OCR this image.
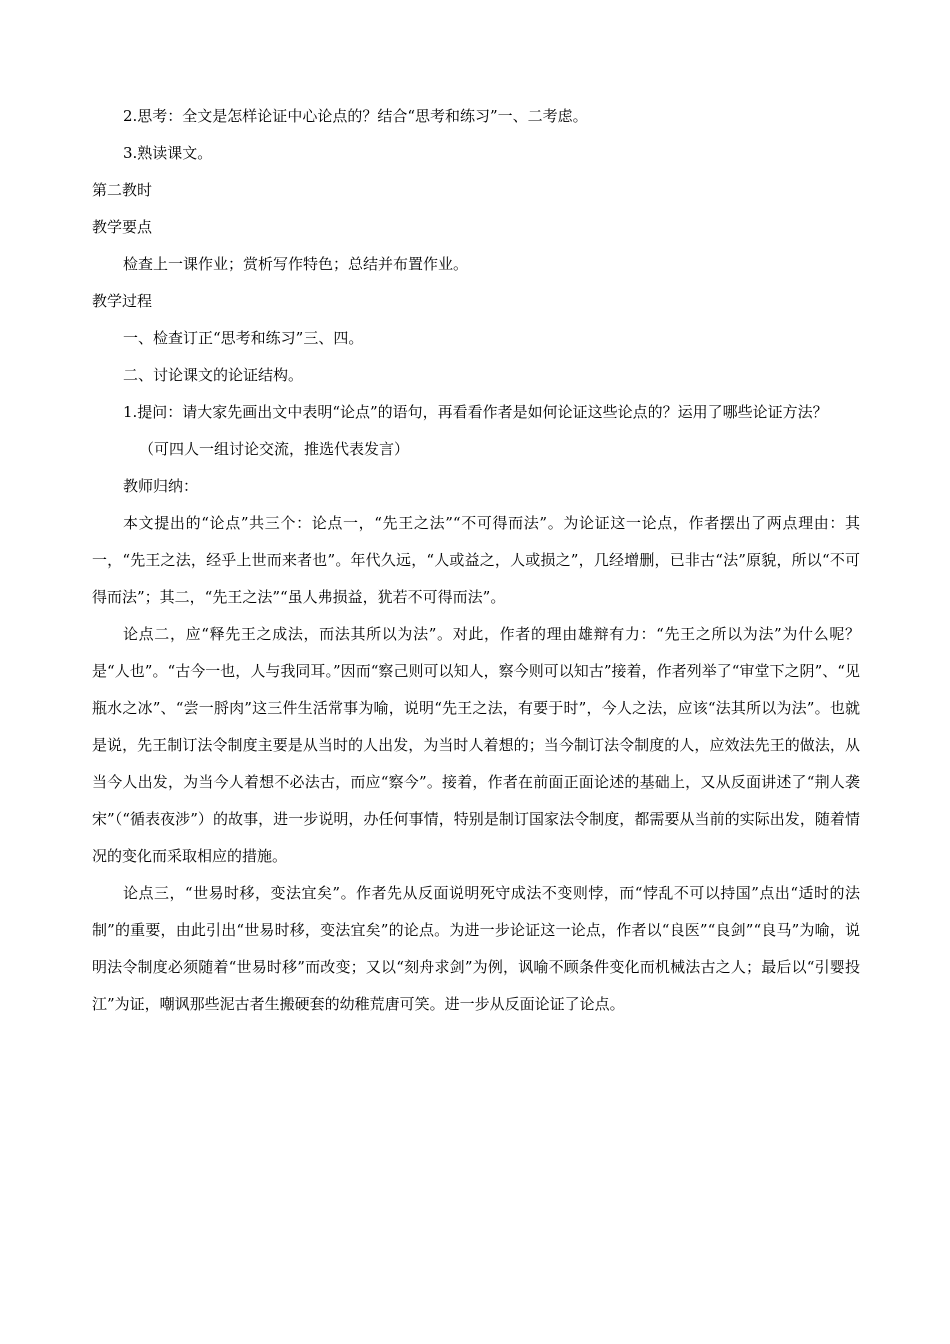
2.思考：全文是怎样论证中心论点的？结合“思考和练习”一、二考虑。

3.熟读课文。

第二教时

教学要点

检查上一课作业；赏析写作特色；总结并布置作业。

教学过程

一、检查订正“思考和练习”三、四。

二、讨论课文的论证结构。

1.提问：请大家先画出文中表明“论点”的语句，再看看作者是如何论证这些论点的？运用了哪些论证方法？

（可四人一组讨论交流，推选代表发言）

教师归纳：

本文提出的“论点”共三个：论点一，“先王之法”“不可得而法”。为论证这一论点，作者摆出了两点理由：其一，“先王之法，经乎上世而来者也”。年代久远，“人或益之，人或损之”，几经增删，已非古“法”原貌，所以“不可得而法”；其二，“先王之法”“虽人弗损益，犹若不可得而法”。

论点二，应“释先王之成法，而法其所以为法”。对此，作者的理由雄辩有力：“先王之所以为法”为什么呢？是“人也”。“古今一也，人与我同耳。”因而“察己则可以知人，察今则可以知古”接着，作者列举了“审堂下之阴”、“见瓶水之冰”、“尝一脟肉”这三件生活常事为喻，说明“先王之法，有要于时”，今人之法，应该“法其所以为法”。也就是说，先王制订法令制度主要是从当时的人出发，为当时人着想的；当今制订法令制度的人，应效法先王的做法，从当今人出发，为当今人着想不必法古，而应“察今”。接着，作者在前面正面论述的基础上，又从反面讲述了“荆人袭宋”（“循表夜涉”）的故事，进一步说明，办任何事情，特别是制订国家法令制度，都需要从当前的实际出发，随着情况的变化而采取相应的措施。

论点三，“世易时移，变法宜矣”。作者先从反面说明死守成法不变则悖，而“悖乱不可以持国”点出“适时的法制”的重要，由此引出“世易时移，变法宜矣”的论点。为进一步论证这一论点，作者以“良医”“良剑”“良马”为喻，说明法令制度必须随着“世易时移”而改变；又以“刻舟求剑”为例，讽喻不顾条件变化而机械法古之人；最后以“引婴投江”为证，嘲讽那些泥古者生搬硬套的幼稚荒唐可笑。进一步从反面论证了论点。
